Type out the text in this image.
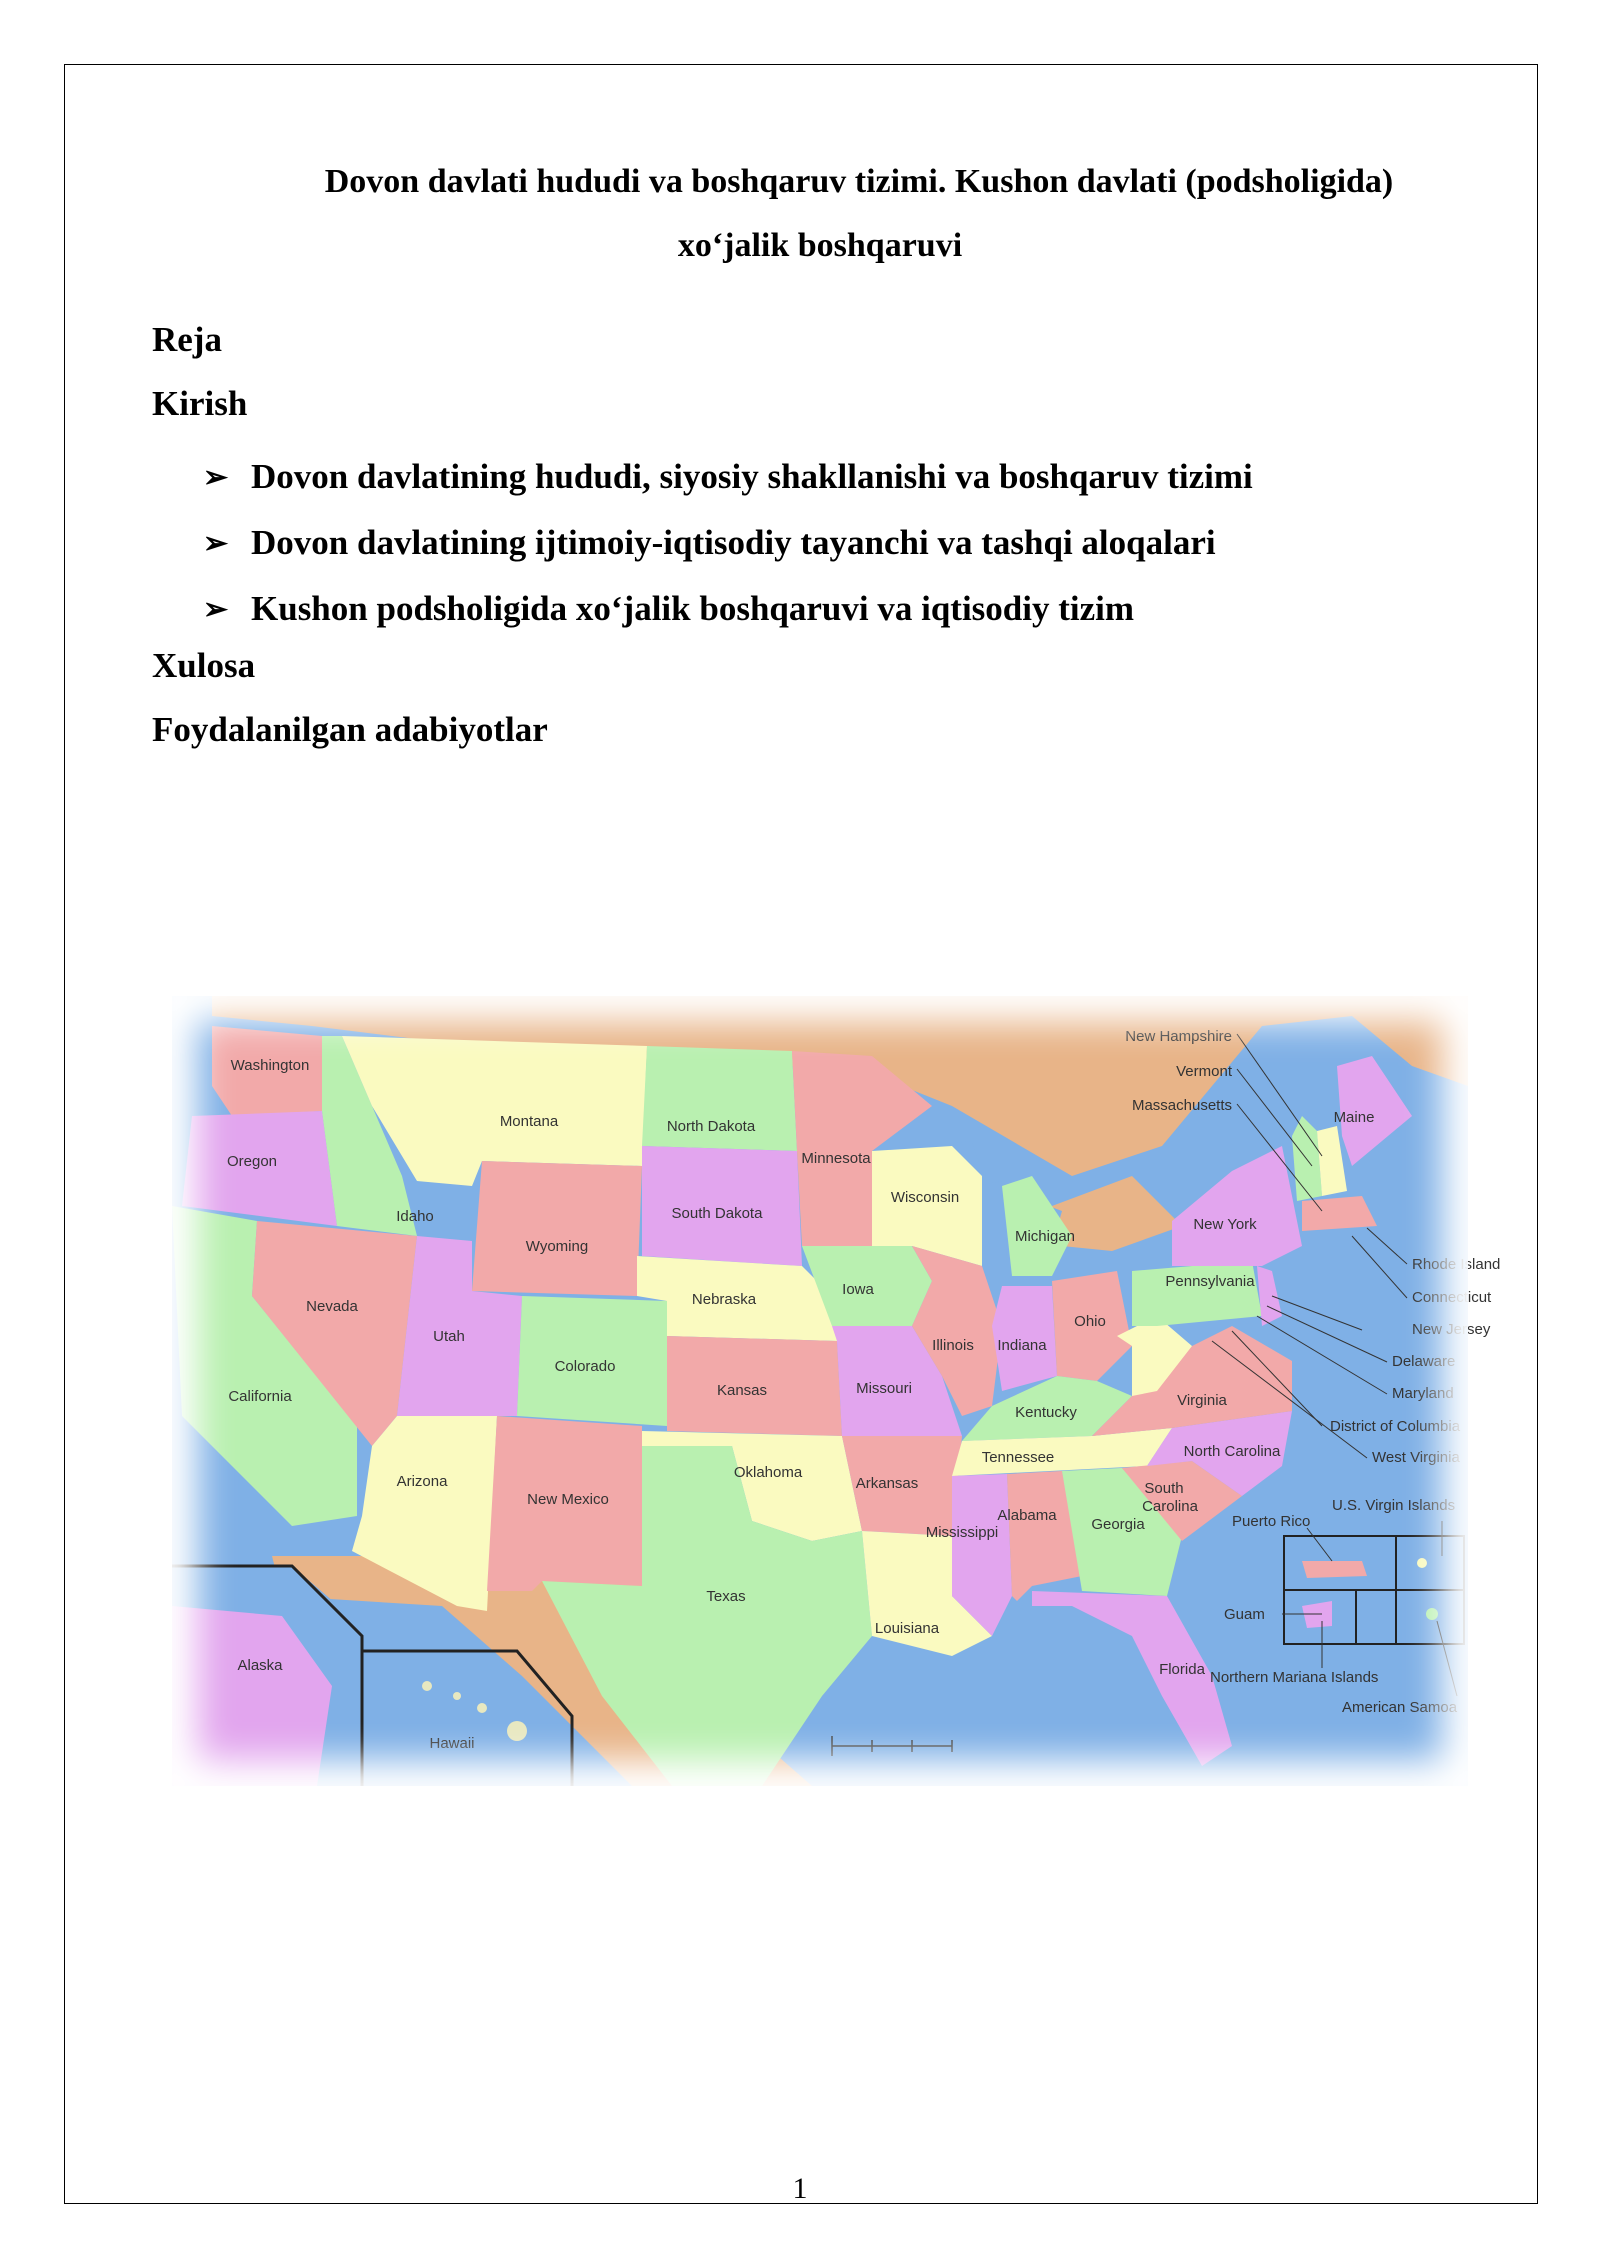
Dovon davlati hududi va boshqaruv tizimi. Kushon davlati (podsholigida)
xo‘jalik boshqaruvi
Reja
Kirish
➢ Dovon davlatining hududi, siyosiy shakllanishi va boshqaruv tizimi
➢ Dovon davlatining ijtimoiy-iqtisodiy tayanchi va tashqi aloqalari
➢ Kushon podsholigida xo‘jalik boshqaruvi va iqtisodiy tizim
Xulosa
Foydalanilgan adabiyotlar
Washington
Oregon
California
Idaho
Nevada
Montana
Wyoming
Utah
Arizona
Colorado
New Mexico
North Dakota
South Dakota
Nebraska
Kansas
Oklahoma
Texas
Minnesota
Iowa
Missouri
Arkansas
Louisiana
Wisconsin
Illinois
Michigan
Indiana
Ohio
Kentucky
Tennessee
Mississippi
Alabama
Georgia
Florida
South
Carolina
North Carolina
Virginia
Pennsylvania
New York
Maine
New Hampshire
Vermont
Massachusetts
Rhode Island
Connecticut
New Jersey
Delaware
Maryland
District of Columbia
West Virginia
U.S. Virgin Islands
Puerto Rico
Guam
Northern Mariana Islands
American Samoa
Alaska
Hawaii
1
